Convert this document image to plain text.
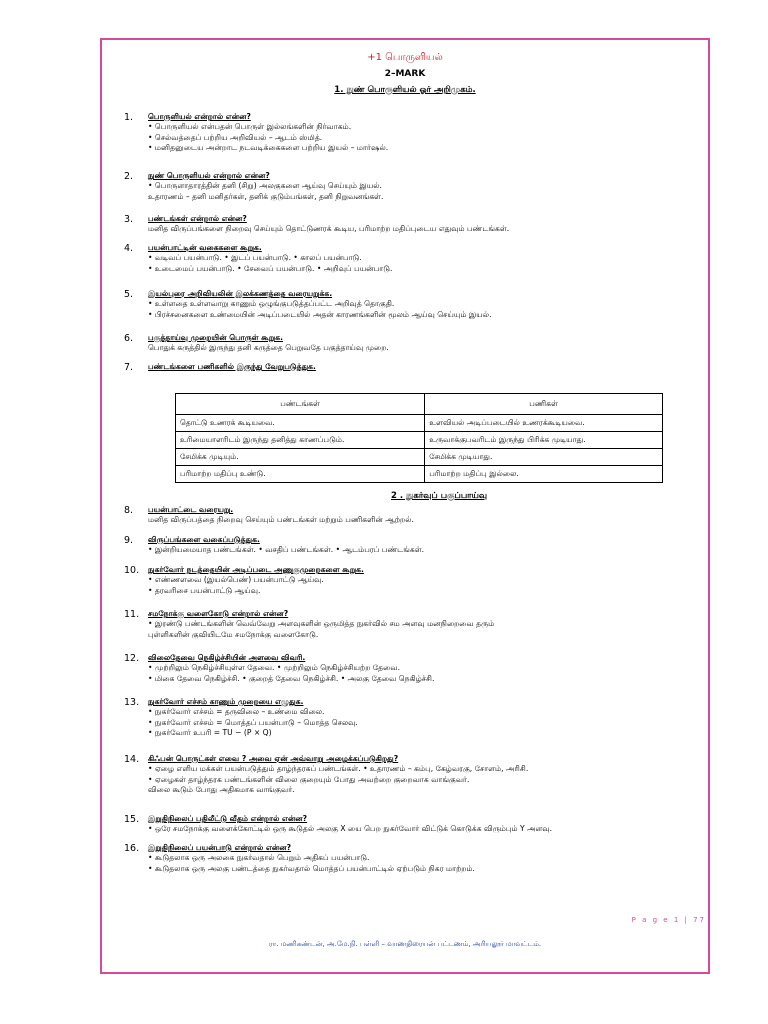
+1 பொருளியல்
2–MARK
1. நுண் பொருளியல் ஓர் அறிமுகம்.
1.	பொருளியல் என்றால் என்ன?
• பொருளியல் என்பதன் பொருள் இல்லங்களின் நிர்வாகம்.
• செல்வத்தைப் பற்றிய அறிவியல் – ஆடம் ஸ்மித்.
• மனிதனுடைய அன்றாட நடவடிக்கைகளை பற்றிய இயல் – மார்ஷல்.
2.	நுண் பொருளியல் என்றால் என்ன?
• பொருளாதாரத்தின் தனி (சிறு) அலகுகளை ஆய்வு செய்யும் இயல்.
உதாரணம் – தனி மனிதர்கள், தனிக் குடும்பங்கள், தனி நிறுவனங்கள்.
3.	பண்டங்கள் என்றால் என்ன?
மனித விருப்பங்களை நிறைவு செய்யும் தொட்டுணரக் கூடிய, பரிமாற்ற மதிப்புடைய எதுவும் பண்டங்கள்.
4.	பயன்பாட்டின் வகைகளை கூறுக.
• வடிவப் பயன்பாடு. • இடப் பயன்பாடு. • காலப் பயன்பாடு.
• உடைமைப் பயன்பாடு. • சேவைப் பயன்பாடு. • அறிவுப் பயன்பாடு.
5.	இயல்புரை அறிவியலின் இலக்கணத்தை வரையறுக்க.
• உள்ளதை உள்ளவாறு காணும் ஒழுங்குபடுத்தப்பட்ட அறிவுத் தொகுதி.
• பிரச்சனைகளை உண்மையின் அடிப்படையில் அதன் காரணங்களின் மூலம் ஆய்வு செய்யும் இயல்.
6.	பகுத்தாய்வு முறையின் பொருள் கூறுக.
பொதுக் கருத்தில் இருந்து தனி கருத்தை பெறுவதே பகுத்தாய்வு முறை.
7.	பண்டங்களை பணிகளில் இருந்து வேறுபடுத்துக.
8.	பயன்பாட்டை வரையறு.
மனித விருப்பத்தை நிறைவு செய்யும் பண்டங்கள் மற்றும் பணிகளின் ஆற்றல்.
9.	விருப்பங்களை வகைப்படுத்துக.
• இன்றியமையாத பண்டங்கள். • வசதிப் பண்டங்கள். • ஆடம்பரப் பண்டங்கள்.
10.	நுகர்வோர் நடத்தையின் அடிப்படை அணுகுமுறைகளை கூறுக.
• எண்ணளவை (இயல்பெண்) பயன்பாட்டு ஆய்வு.
• தரவரிசை பயன்பாட்டு ஆய்வு.
11.	சமநோக்கு வளைகோடு என்றால் என்ன?
• இரண்டு பண்டங்களின் வெவ்வேறு அளவுகளின் ஒருமித்த நுகர்வில் சம அளவு மனநிறைவை தரும்
புள்ளிகளின் குவியிடமே சமநோக்கு வளைகோடு.
12.	விலைதேவை நெகிழ்ச்சியின் அளவை விவரி.
• முற்றிலும் நெகிழ்ச்சியுள்ள தேவை. • முற்றிலும் நெகிழ்ச்சியற்ற தேவை.
• மிகை தேவை நெகிழ்ச்சி. • குறைத் தேவை நெகிழ்ச்சி. • அலகு தேவை நெகிழ்ச்சி.
13.	நுகர்வோர் எச்சம் காணும் முறையை எழுதுக.
• நுகர்வோர் எச்சம் = தருவிலை – உண்மை விலை.
• நுகர்வோர் எச்சம் = மொத்தப் பயன்பாடு – மொத்த செலவு.
• நுகர்வோர் உபரி = TU − (P × Q)
14.	கிஃபன் பொருட்கள் எவை ? அவை ஏன் அவ்வாறு அழைக்கப்படுகிறது?
• ஏழை எளிய மக்கள் பயன்படுத்தும் தாழ்ந்தரகப் பண்டங்கள். • உதாரணம் – கம்பு, கேழ்வரகு, சோளம், அரிசி.
• ஏழைகள் தாழ்ந்தரக பண்டங்களின் விலை குறையும் போது அவற்றை குறைவாக வாங்குவர்.
விலை கூடும் போது அதிகமாக வாங்குவர்.
15.	இறுதிநிலைப் பதிலீட்டு வீதம் என்றால் என்ன?
• ஒரே சமநோக்கு வளைக்கோட்டில் ஒரு கூடுதல் அலகு X யை பெற நுகர்வோர் விட்டுக் கொடுக்க விரும்பும் Y அளவு.
16.	இறுதிநிலைப் பயன்பாடு என்றால் என்ன?
• கூடுதலாக ஒரு அலகை நுகர்வதால் பெறும் அதிகப் பயன்பாடு.
• கூடுதலாக ஒரு அலகு பண்டத்தை நுகர்வதால் மொத்தப் பயன்பாட்டில் ஏற்படும் நிகர மாற்றம்.
பண்டங்கள்	பணிகள்
தொட்டு உணரக் கூடியவை.	உளவியல் அடிப்படையில் உணரக்கூடியவை.
உரிமையாளரிடம் இருந்து தனித்து காணப்படும்.	உருவாக்குபவரிடம் இருந்து பிரிக்க முடியாது.
சேமிக்க முடியும்.	சேமிக்க முடியாது.
பரிமாற்ற மதிப்பு உண்டு.	பரிமாற்ற மதிப்பு இல்லை.
2 . நுகர்வுப் பகுப்பாய்வு
P a g e 1 | 77
ரா. மணிகண்டன், அ.மே.நி. பள்ளி – வாணதிரையன் பட்டணம், அரியலூர் மாவட்டம்.
